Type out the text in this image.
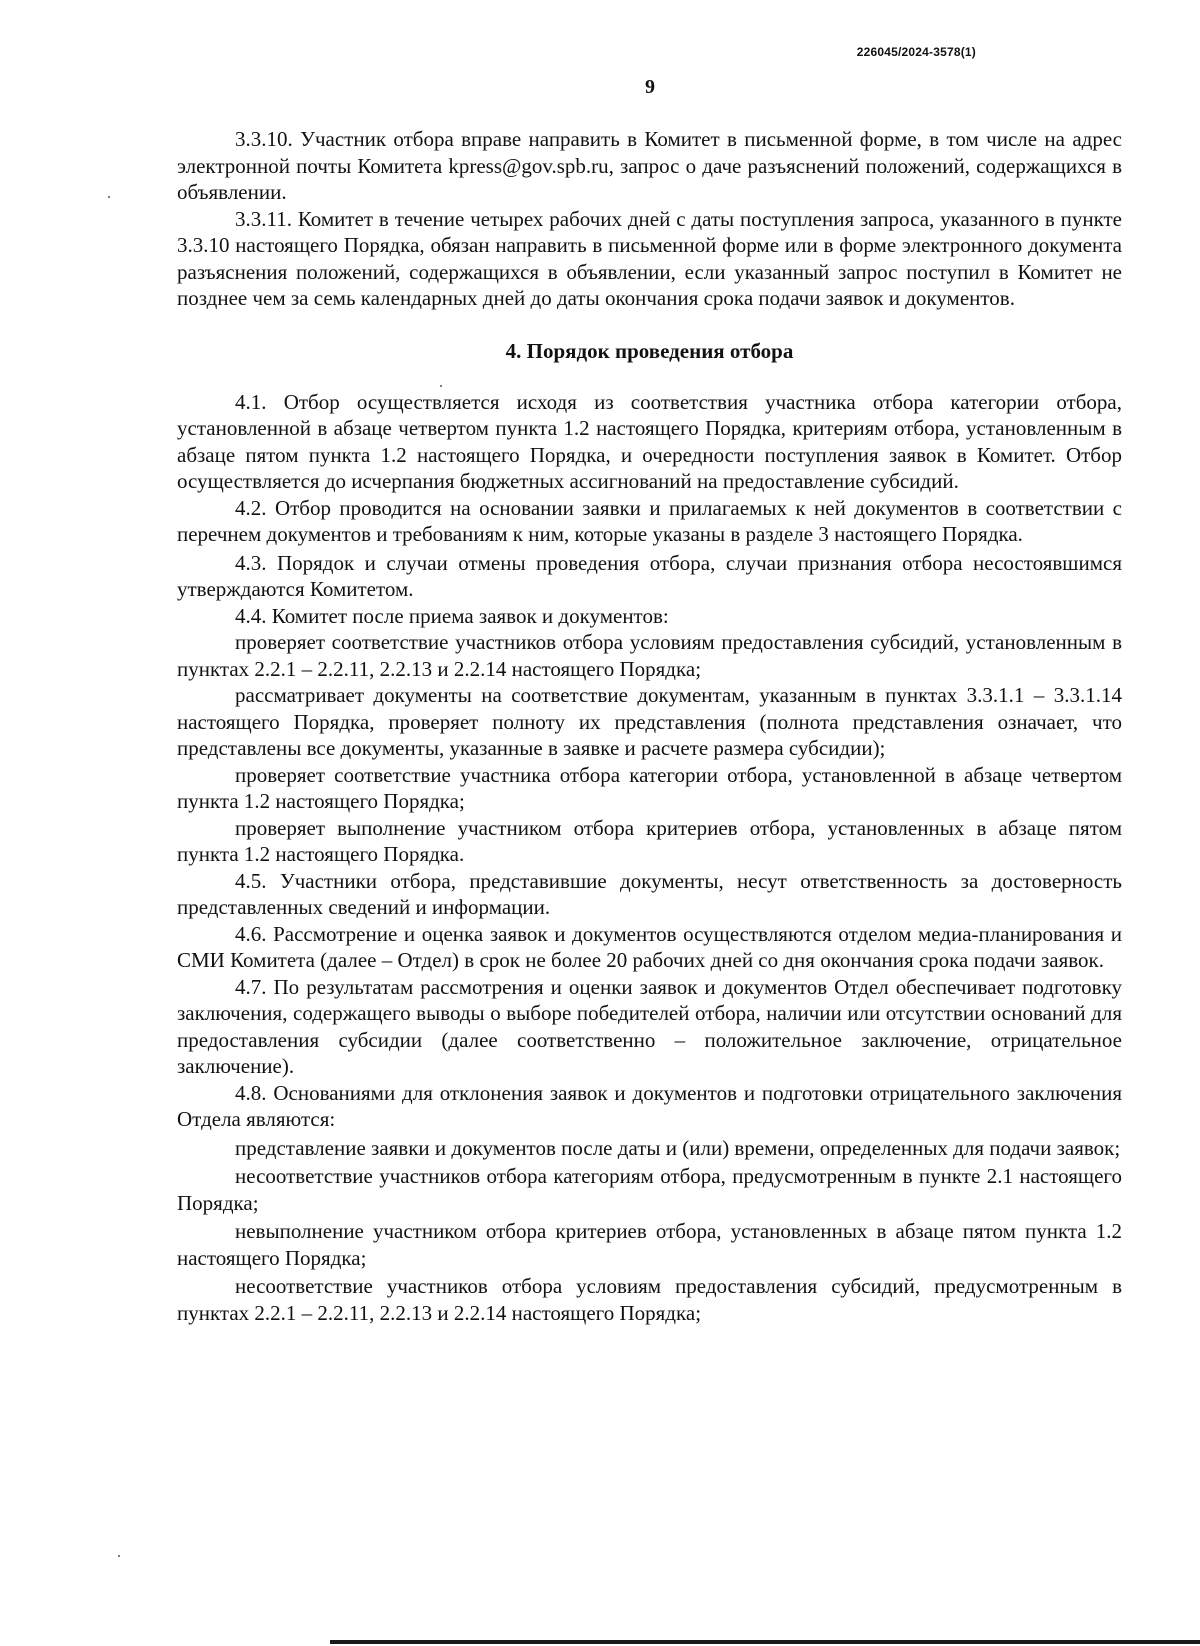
226045/2024-3578(1)
9

3.3.10. Участник отбора вправе направить в Комитет в письменной форме, в том числе на адрес электронной почты Комитета kpress@gov.spb.ru, запрос о даче разъяснений положений, содержащихся в объявлении.

3.3.11. Комитет в течение четырех рабочих дней с даты поступления запроса, указанного в пункте 3.3.10 настоящего Порядка, обязан направить в письменной форме или в форме электронного документа разъяснения положений, содержащихся в объявлении, если указанный запрос поступил в Комитет не позднее чем за семь календарных дней до даты окончания срока подачи заявок и документов.

4. Порядок проведения отбора

4.1. Отбор осуществляется исходя из соответствия участника отбора категории отбора, установленной в абзаце четвертом пункта 1.2 настоящего Порядка, критериям отбора, установленным в абзаце пятом пункта 1.2 настоящего Порядка, и очередности поступления заявок в Комитет. Отбор осуществляется до исчерпания бюджетных ассигнований на предоставление субсидий.

4.2. Отбор проводится на основании заявки и прилагаемых к ней документов в соответствии с перечнем документов и требованиям к ним, которые указаны в разделе 3 настоящего Порядка.

4.3. Порядок и случаи отмены проведения отбора, случаи признания отбора несостоявшимся утверждаются Комитетом.

4.4. Комитет после приема заявок и документов:

проверяет соответствие участников отбора условиям предоставления субсидий, установленным в пунктах 2.2.1 – 2.2.11, 2.2.13 и 2.2.14 настоящего Порядка;

рассматривает документы на соответствие документам, указанным в пунктах 3.3.1.1 – 3.3.1.14 настоящего Порядка, проверяет полноту их представления (полнота представления означает, что представлены все документы, указанные в заявке и расчете размера субсидии);

проверяет соответствие участника отбора категории отбора, установленной в абзаце четвертом пункта 1.2 настоящего Порядка;

проверяет выполнение участником отбора критериев отбора, установленных в абзаце пятом пункта 1.2 настоящего Порядка.

4.5. Участники отбора, представившие документы, несут ответственность за достоверность представленных сведений и информации.

4.6. Рассмотрение и оценка заявок и документов осуществляются отделом медиа-планирования и СМИ Комитета (далее – Отдел) в срок не более 20 рабочих дней со дня окончания срока подачи заявок.

4.7. По результатам рассмотрения и оценки заявок и документов Отдел обеспечивает подготовку заключения, содержащего выводы о выборе победителей отбора, наличии или отсутствии оснований для предоставления субсидии (далее соответственно – положительное заключение, отрицательное заключение).

4.8. Основаниями для отклонения заявок и документов и подготовки отрицательного заключения Отдела являются:

представление заявки и документов после даты и (или) времени, определенных для подачи заявок;

несоответствие участников отбора категориям отбора, предусмотренным в пункте 2.1 настоящего Порядка;

невыполнение участником отбора критериев отбора, установленных в абзаце пятом пункта 1.2 настоящего Порядка;

несоответствие участников отбора условиям предоставления субсидий, предусмотренным в пунктах 2.2.1 – 2.2.11, 2.2.13 и 2.2.14 настоящего Порядка;
